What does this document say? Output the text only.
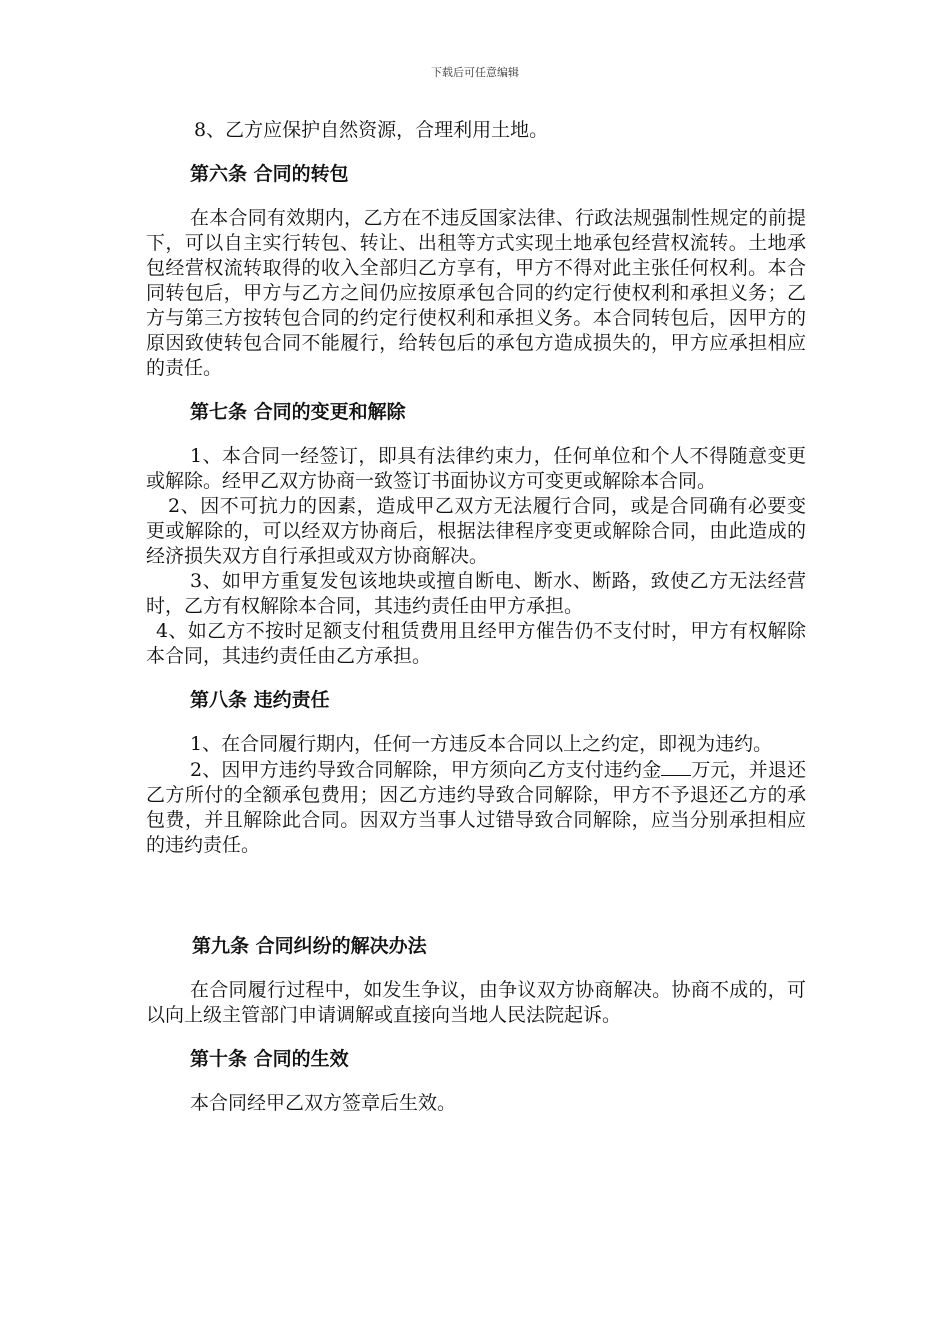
下载后可任意编辑

8、乙方应保护自然资源，合理利用土地。

第六条 合同的转包

在本合同有效期内，乙方在不违反国家法律、行政法规强制性规定的前提下，可以自主实行转包、转让、出租等方式实现土地承包经营权流转。土地承包经营权流转取得的收入全部归乙方享有，甲方不得对此主张任何权利。本合同转包后，甲方与乙方之间仍应按原承包合同的约定行使权利和承担义务；乙方与第三方按转包合同的约定行使权利和承担义务。本合同转包后，因甲方的原因致使转包合同不能履行，给转包后的承包方造成损失的，甲方应承担相应的责任。

第七条 合同的变更和解除

1、本合同一经签订，即具有法律约束力，任何单位和个人不得随意变更或解除。经甲乙双方协商一致签订书面协议方可变更或解除本合同。

2、因不可抗力的因素，造成甲乙双方无法履行合同，或是合同确有必要变更或解除的，可以经双方协商后，根据法律程序变更或解除合同，由此造成的经济损失双方自行承担或双方协商解决。

3、如甲方重复发包该地块或擅自断电、断水、断路，致使乙方无法经营时，乙方有权解除本合同，其违约责任由甲方承担。

4、如乙方不按时足额支付租赁费用且经甲方催告仍不支付时，甲方有权解除本合同，其违约责任由乙方承担。

第八条 违约责任

1、在合同履行期内，任何一方违反本合同以上之约定，即视为违约。

2、因甲方违约导致合同解除，甲方须向乙方支付违约金 万元，并退还乙方所付的全额承包费用；因乙方违约导致合同解除，甲方不予退还乙方的承包费，并且解除此合同。因双方当事人过错导致合同解除，应当分别承担相应的违约责任。

第九条 合同纠纷的解决办法

在合同履行过程中，如发生争议，由争议双方协商解决。协商不成的，可以向上级主管部门申请调解或直接向当地人民法院起诉。

第十条 合同的生效

本合同经甲乙双方签章后生效。
